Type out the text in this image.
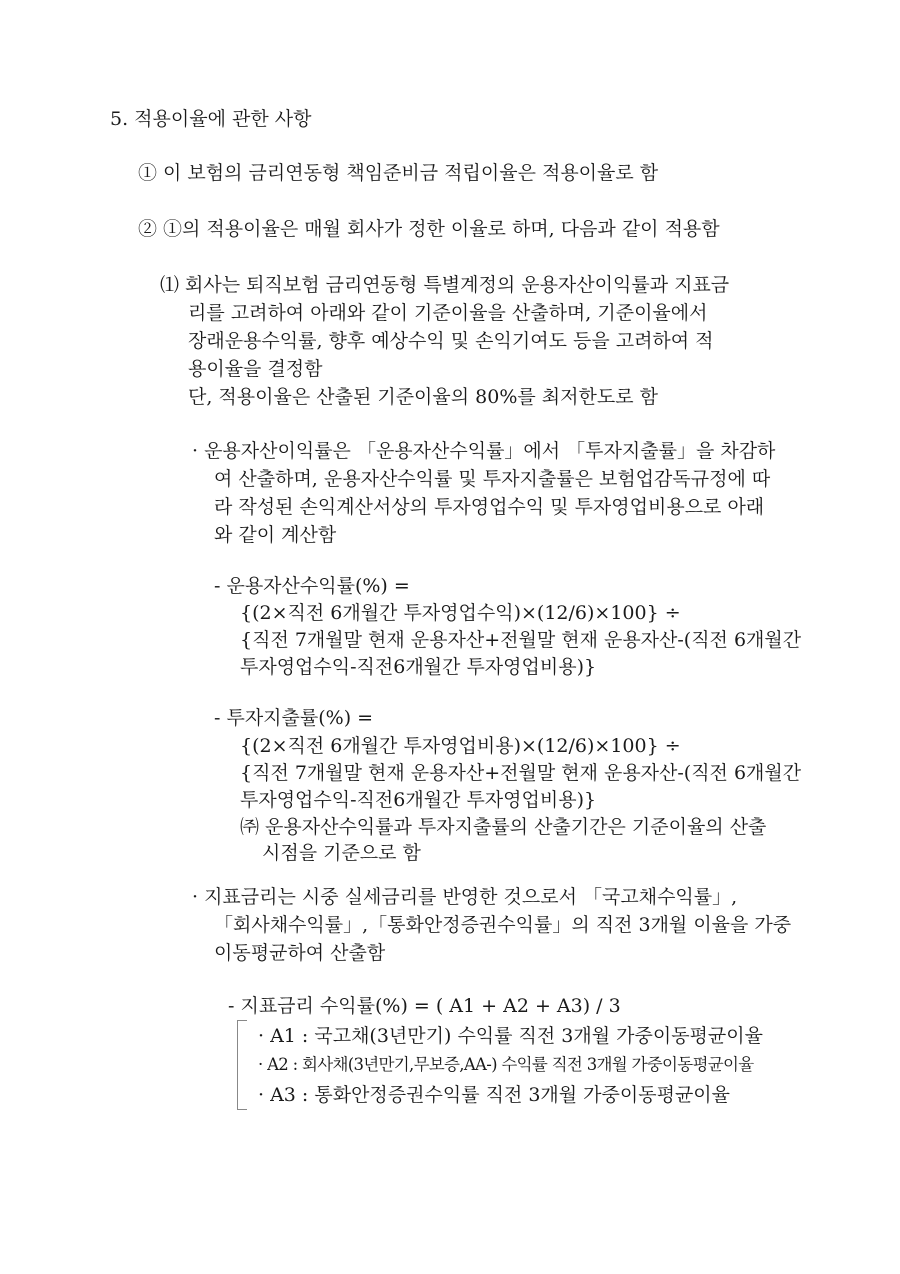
5. 적용이율에 관한 사항
① 이 보험의 금리연동형 책임준비금 적립이율은 적용이율로 함
② ①의 적용이율은 매월 회사가 정한 이율로 하며, 다음과 같이 적용함
⑴ 회사는 퇴직보험 금리연동형 특별계정의 운용자산이익률과 지표금
리를 고려하여 아래와 같이 기준이율을 산출하며, 기준이율에서
장래운용수익률, 향후 예상수익 및 손익기여도 등을 고려하여 적
용이율을 결정함
단, 적용이율은 산출된 기준이율의 80%를 최저한도로 함
· 운용자산이익률은 「운용자산수익률」에서 「투자지출률」을 차감하
여 산출하며, 운용자산수익률 및 투자지출률은 보험업감독규정에 따
라 작성된 손익계산서상의 투자영업수익 및 투자영업비용으로 아래
와 같이 계산함
- 운용자산수익률(%) =
{(2×직전 6개월간 투자영업수익)×(12/6)×100} ÷
{직전 7개월말 현재 운용자산+전월말 현재 운용자산-(직전 6개월간
투자영업수익-직전6개월간 투자영업비용)}
- 투자지출률(%) =
{(2×직전 6개월간 투자영업비용)×(12/6)×100} ÷
{직전 7개월말 현재 운용자산+전월말 현재 운용자산-(직전 6개월간
투자영업수익-직전6개월간 투자영업비용)}
㈜ 운용자산수익률과 투자지출률의 산출기간은 기준이율의 산출
시점을 기준으로 함
· 지표금리는 시중 실세금리를 반영한 것으로서 「국고채수익률」,
「회사채수익률」,「통화안정증권수익률」의 직전 3개월 이율을 가중
이동평균하여 산출함
- 지표금리 수익률(%) = ( A1 + A2 + A3) / 3
· A1 : 국고채(3년만기) 수익률 직전 3개월 가중이동평균이율
· A2 : 회사채(3년만기,무보증,AA-) 수익률 직전 3개월 가중이동평균이율
· A3 : 통화안정증권수익률 직전 3개월 가중이동평균이율
